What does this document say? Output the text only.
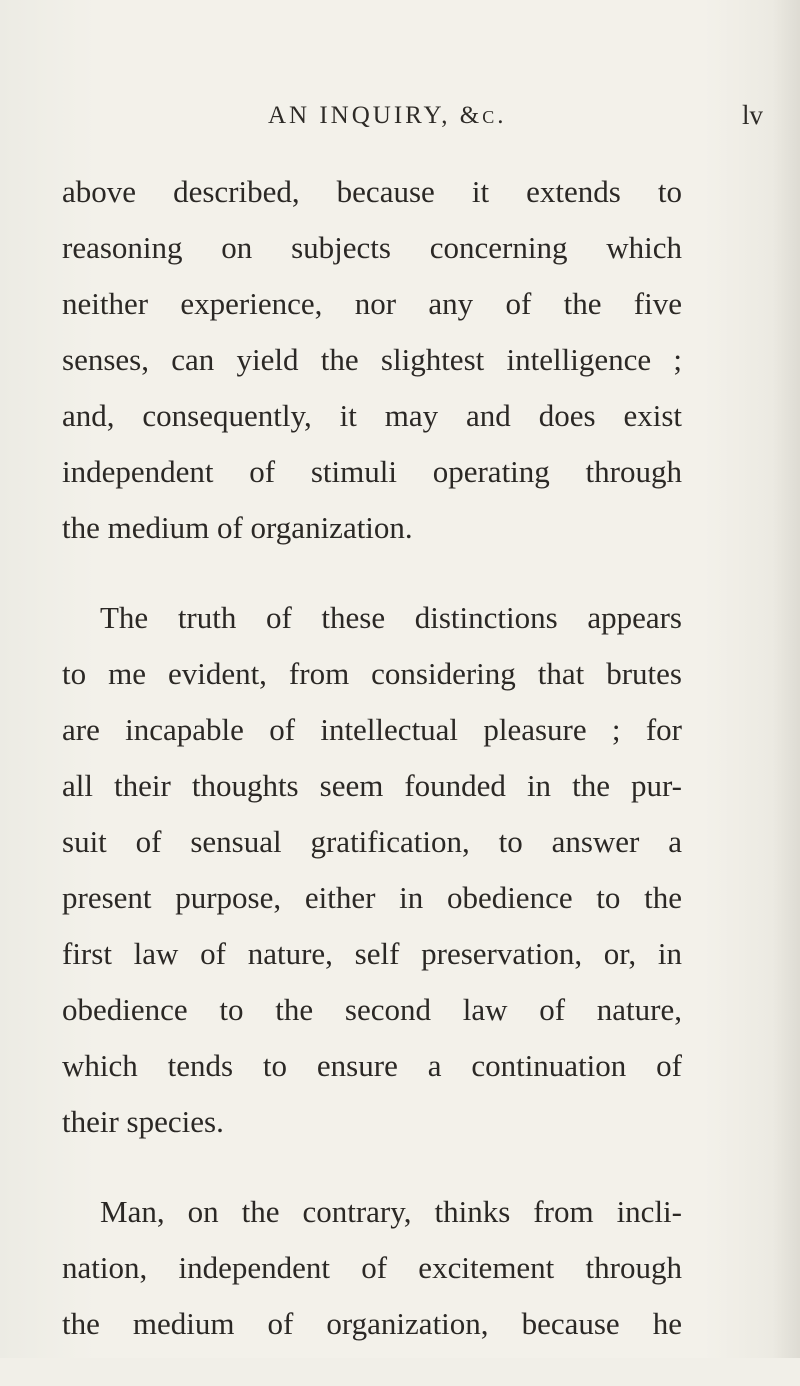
AN INQUIRY, &c.	lv

above described, because it extends to
reasoning on subjects concerning which
neither experience, nor any of the five
senses, can yield the slightest intelligence ;
and, consequently, it may and does exist
independent of stimuli operating through
the medium of organization.

The truth of these distinctions appears
to me evident, from considering that brutes
are incapable of intellectual pleasure ; for
all their thoughts seem founded in the pur-
suit of sensual gratification, to answer a
present purpose, either in obedience to the
first law of nature, self preservation, or, in
obedience to the second law of nature,
which tends to ensure a continuation of
their species.

Man, on the contrary, thinks from incli-
nation, independent of excitement through
the medium of organization, because he
